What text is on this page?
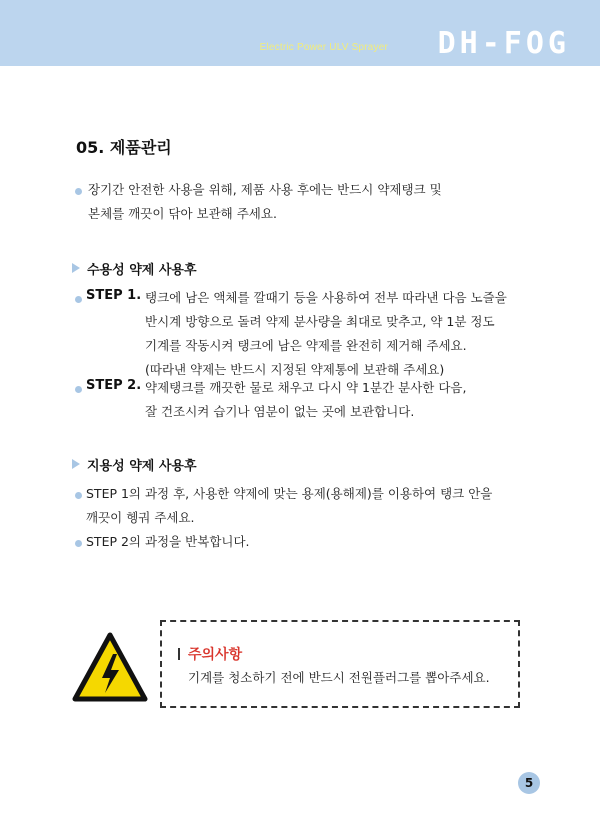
Electric Power ULV Sprayer DH-FOG
05. 제품관리
장기간 안전한 사용을 위해, 제품 사용 후에는 반드시 약제탱크 및
본체를 깨끗이 닦아 보관해 주세요.
수용성 약제 사용후
STEP 1. 탱크에 남은 액체를 깔때기 등을 사용하여 전부 따라낸 다음 노즐을
반시계 방향으로 돌려 약제 분사량을 최대로 맞추고, 약 1분 정도
기계를 작동시켜 탱크에 남은 약제를 완전히 제거해 주세요.
(따라낸 약제는 반드시 지정된 약제통에 보관해 주세요)
STEP 2. 약제탱크를 깨끗한 물로 채우고 다시 약 1분간 분사한 다음,
잘 건조시켜 습기나 염분이 없는 곳에 보관합니다.
지용성 약제 사용후
STEP 1의 과정 후, 사용한 약제에 맞는 용제(용해제)를 이용하여 탱크 안을
깨끗이 헹궈 주세요.
STEP 2의 과정을 반복합니다.
주의사항
기계를 청소하기 전에 반드시 전원플러그를 뽑아주세요.
5
